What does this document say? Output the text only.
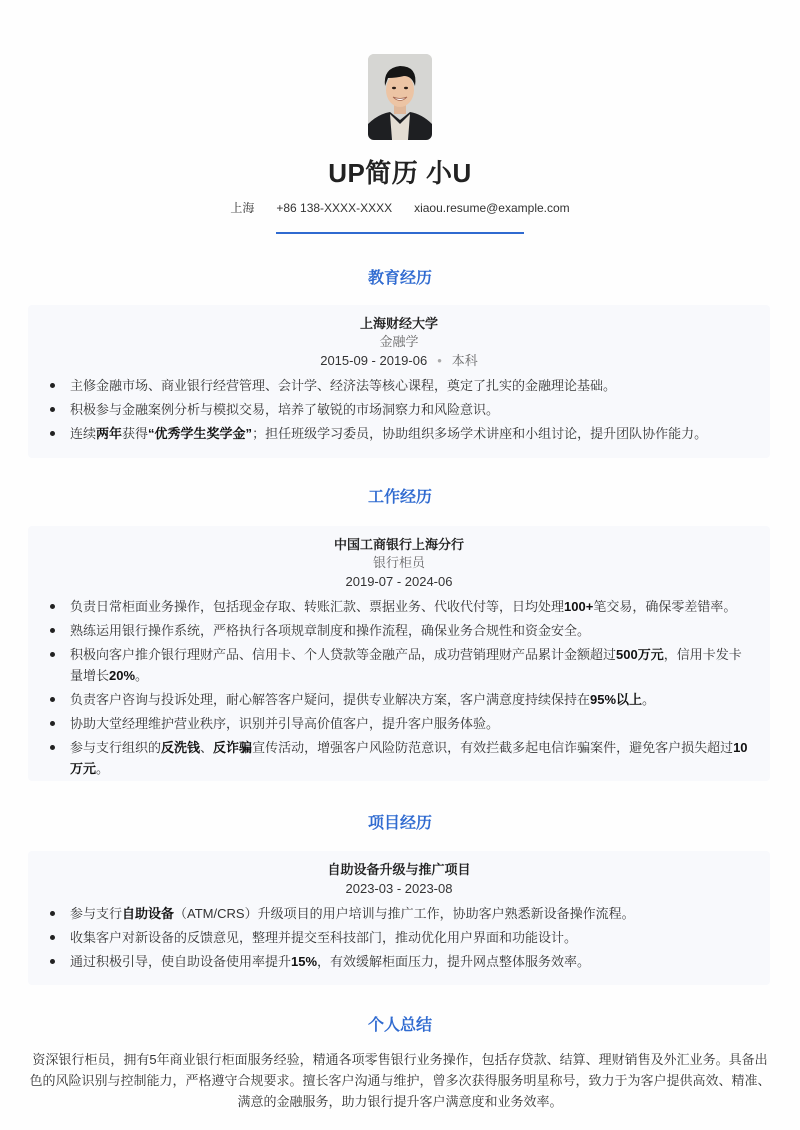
UP简历 小U
上海 +86 138-XXXX-XXXX xiaou.resume@example.com
教育经历
上海财经大学
金融学
2015-09 - 2019-06 • 本科
主修金融市场、商业银行经营管理、会计学、经济法等核心课程，奠定了扎实的金融理论基础。
积极参与金融案例分析与模拟交易，培养了敏锐的市场洞察力和风险意识。
连续两年获得“优秀学生奖学金”；担任班级学习委员，协助组织多场学术讲座和小组讨论，提升团队协作能力。
工作经历
中国工商银行上海分行
银行柜员
2019-07 - 2024-06
负责日常柜面业务操作，包括现金存取、转账汇款、票据业务、代收代付等，日均处理100+笔交易，确保零差错率。
熟练运用银行操作系统，严格执行各项规章制度和操作流程，确保业务合规性和资金安全。
积极向客户推介银行理财产品、信用卡、个人贷款等金融产品，成功营销理财产品累计金额超过500万元，信用卡发卡量增长20%。
负责客户咨询与投诉处理，耐心解答客户疑问，提供专业解决方案，客户满意度持续保持在95%以上。
协助大堂经理维护营业秩序，识别并引导高价值客户，提升客户服务体验。
参与支行组织的反洗钱、反诈骗宣传活动，增强客户风险防范意识，有效拦截多起电信诈骗案件，避免客户损失超过10万元。
项目经历
自助设备升级与推广项目
2023-03 - 2023-08
参与支行自助设备（ATM/CRS）升级项目的用户培训与推广工作，协助客户熟悉新设备操作流程。
收集客户对新设备的反馈意见，整理并提交至科技部门，推动优化用户界面和功能设计。
通过积极引导，使自助设备使用率提升15%，有效缓解柜面压力，提升网点整体服务效率。
个人总结
资深银行柜员，拥有5年商业银行柜面服务经验，精通各项零售银行业务操作，包括存贷款、结算、理财销售及外汇业务。具备出色的风险识别与控制能力，严格遵守合规要求。擅长客户沟通与维护，曾多次获得服务明星称号，致力于为客户提供高效、精准、满意的金融服务，助力银行提升客户满意度和业务效率。
